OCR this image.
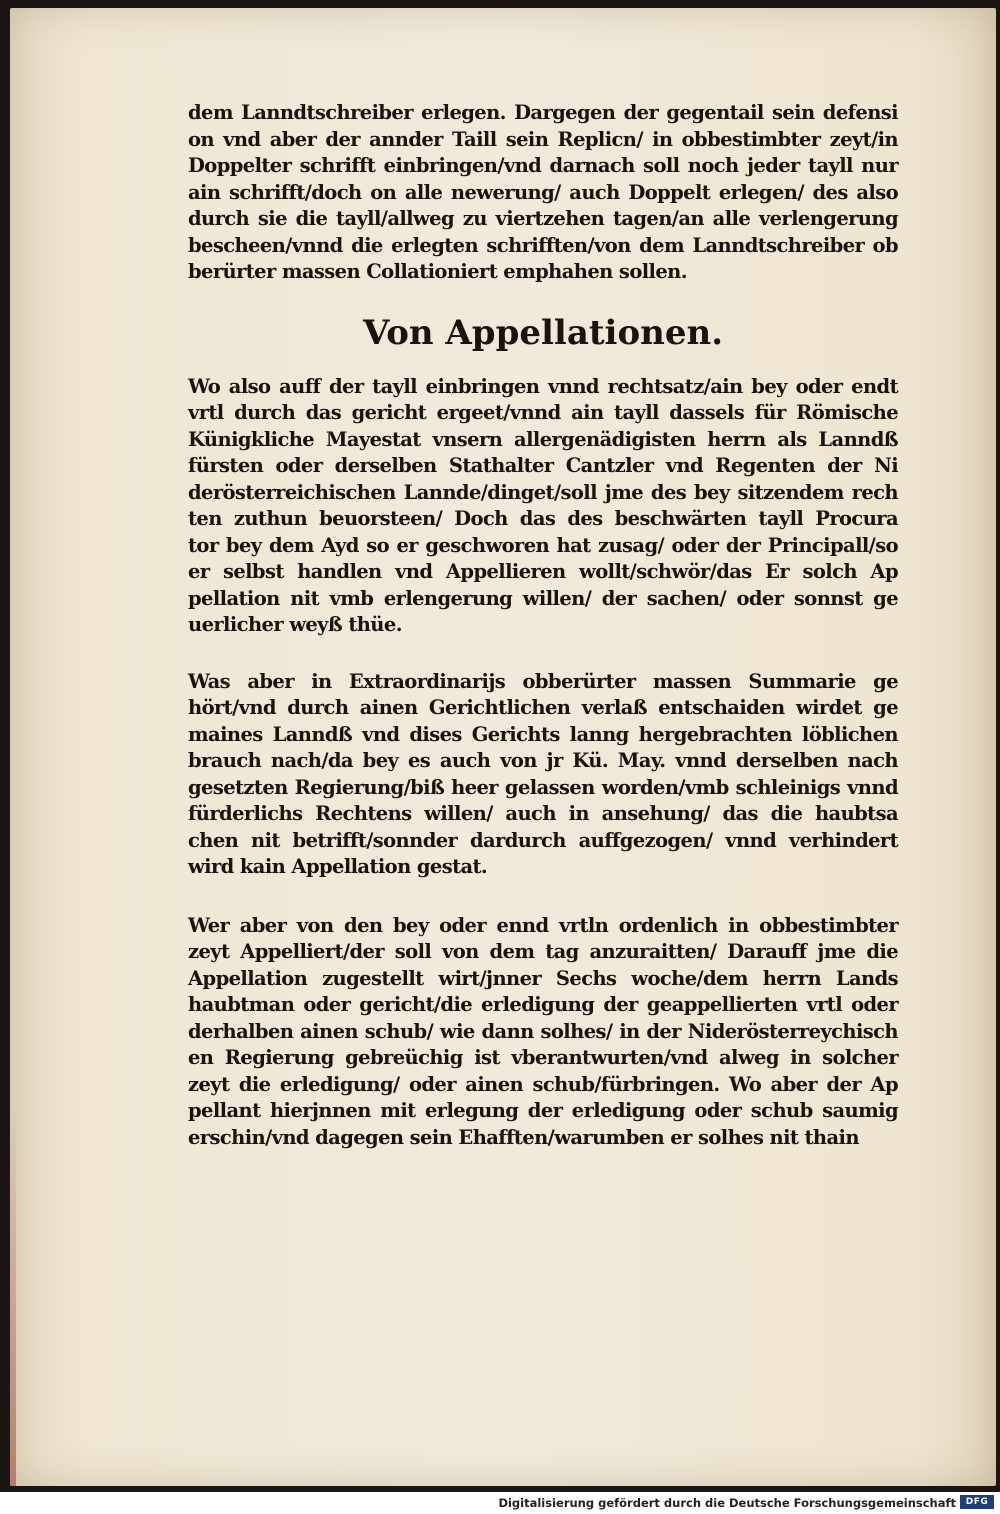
dem Lanndtschreiber erlegen. Dargegen der gegentail sein defensi
on vnd aber der annder Taill sein Replicn/ in obbestimbter zeyt/in
Doppelter schrifft einbringen/vnd darnach soll noch jeder tayll nur
ain schrifft/doch on alle newerung/ auch Doppelt erlegen/ des also
durch sie die tayll/allweg zu viertzehen tagen/an alle verlengerung
bescheen/vnnd die erlegten schrifften/von dem Lanndtschreiber ob
berürter massen Collationiert emphahen sollen.
Von Appellationen.
Wo also auff der tayll einbringen vnnd rechtsatz/ain bey oder endt
vrtl durch das gericht ergeet/vnnd ain tayll dassels für Römische
Künigkliche Mayestat vnsern allergenädigisten herrn als Lanndß
fürsten oder derselben Stathalter Cantzler vnd Regenten der Ni
derösterreichischen Lannde/dinget/soll jme des bey sitzendem rech
ten zuthun beuorsteen/ Doch das des beschwärten tayll Procura
tor bey dem Ayd so er geschworen hat zusag/ oder der Principall/so
er selbst handlen vnd Appellieren wollt/schwör/das Er solch Ap
pellation nit vmb erlengerung willen/ der sachen/ oder sonnst ge
uerlicher weyß thüe.
Was aber in Extraordinarijs obberürter massen Summarie ge
hört/vnd durch ainen Gerichtlichen verlaß entschaiden wirdet ge
maines Lanndß vnd dises Gerichts lanng hergebrachten löblichen
brauch nach/da bey es auch von jr Kü. May. vnnd derselben nach
gesetzten Regierung/biß heer gelassen worden/vmb schleinigs vnnd
fürderlichs Rechtens willen/ auch in ansehung/ das die haubtsa
chen nit betrifft/sonnder dardurch auffgezogen/ vnnd verhindert
wird kain Appellation gestat.
Wer aber von den bey oder ennd vrtln ordenlich in obbestimbter
zeyt Appelliert/der soll von dem tag anzuraitten/ Darauff jme die
Appellation zugestellt wirt/jnner Sechs woche/dem herrn Lands
haubtman oder gericht/die erledigung der geappellierten vrtl oder
derhalben ainen schub/ wie dann solhes/ in der Niderösterreychisch
en Regierung gebreüchig ist vberantwurten/vnd alweg in solcher
zeyt die erledigung/ oder ainen schub/fürbringen. Wo aber der Ap
pellant hierjnnen mit erlegung der erledigung oder schub saumig
erschin/vnd dagegen sein Ehafften/warumben er solhes nit thain
Digitalisierung gefördert durch die Deutsche Forschungsgemeinschaft	DFG
